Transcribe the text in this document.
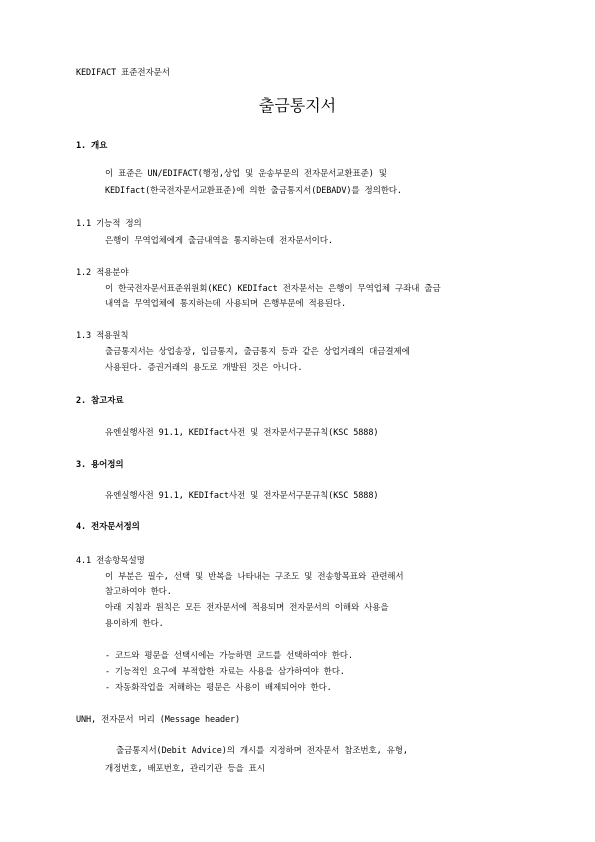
KEDIFACT 표준전자문서
출금통지서
1. 개요
이 표준은 UN/EDIFACT(행정,상업 및 운송부문의 전자문서교환표준) 및
KEDIfact(한국전자문서교환표준)에 의한 출금통지서(DEBADV)를 정의한다.
1.1 기능적 정의
은행이 무역업체에게 출금내역을 통지하는데 전자문서이다.
1.2 적용분야
이 한국전자문서표준위원회(KEC) KEDIfact 전자문서는 은행이 무역업체 구좌내 출금
내역을 무역업체에 통지하는데 사용되며 은행부문에 적용된다.
1.3 적용원칙
출금통지서는 상업송장, 입금통지, 출금통지 등과 같은 상업거래의 대금결제에
사용된다. 증권거래의 용도로 개발된 것은 아니다.
2. 참고자료
유엔실행사전 91.1, KEDIfact사전 및 전자문서구문규칙(KSC 5888)
3. 용어정의
유엔실행사전 91.1, KEDIfact사전 및 전자문서구문규칙(KSC 5888)
4. 전자문서정의
4.1 전송항목설명
이 부분은 필수, 선택 및 반복을 나타내는 구조도 및 전송항목표와 관련해서
참고하여야 한다.
아래 지침과 원칙은 모든 전자문서에 적용되며 전자문서의 이해와 사용을
용이하게 한다.
- 코드와 평문을 선택시에는 가능하면 코드를 선택하여야 한다.
- 기능적인 요구에 부적합한 자료는 사용을 삼가하여야 한다.
- 자동화작업을 저해하는 평문은 사용이 배제되어야 한다.
UNH, 전자문서 머리 (Message header)
출금통지서(Debit Advice)의 개시를 지정하며 전자문서 참조번호, 유형,
개정번호, 배포번호, 관리기관 등을 표시
